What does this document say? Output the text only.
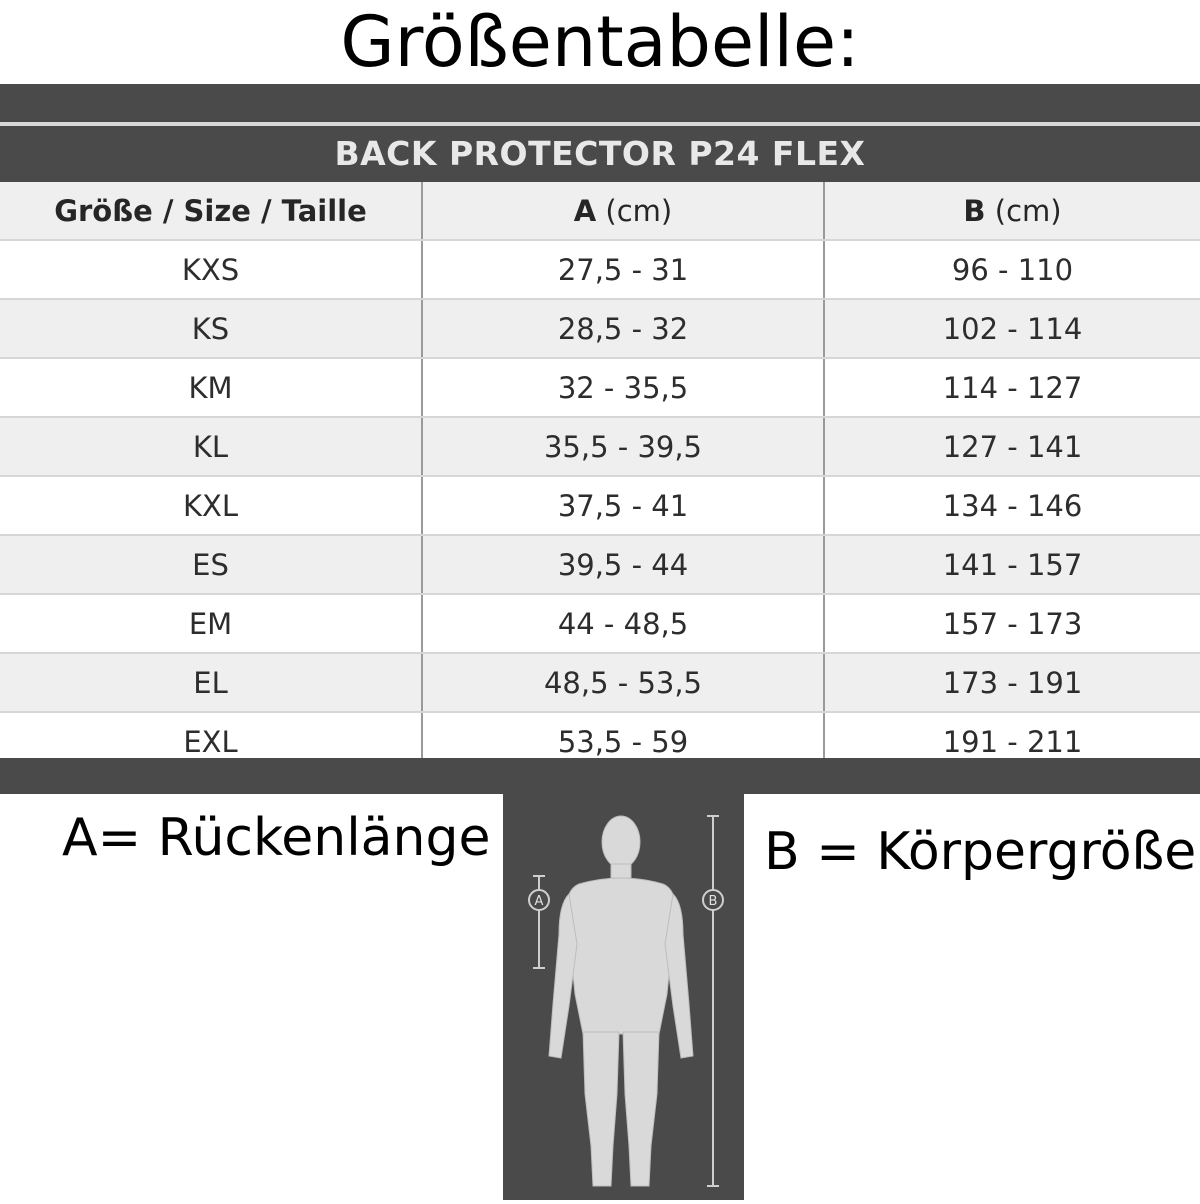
Größentabelle:
BACK PROTECTOR P24 FLEX
Größe / Size / Taille	A (cm)	B (cm)
KXS	27,5 - 31	96 - 110
KS	28,5 - 32	102 - 114
KM	32 - 35,5	114 - 127
KL	35,5 - 39,5	127 - 141
KXL	37,5 - 41	134 - 146
ES	39,5 - 44	141 - 157
EM	44 - 48,5	157 - 173
EL	48,5 - 53,5	173 - 191
EXL	53,5 - 59	191 - 211
A= Rückenlänge	B = Körpergröße
A	B
